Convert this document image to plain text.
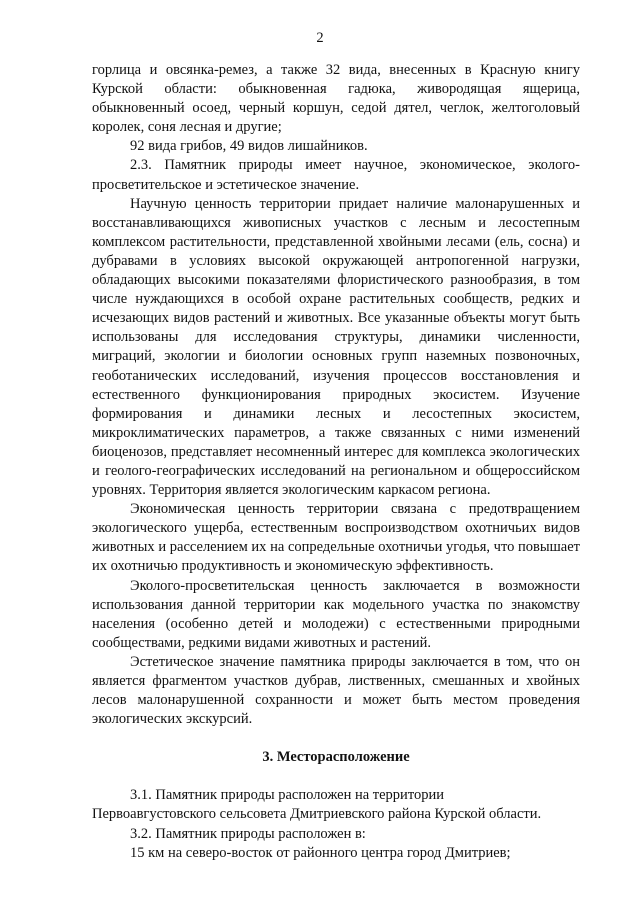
2

горлица и овсянка-ремез, а также 32 вида, внесенных в Красную книгу Курской области: обыкновенная гадюка, живородящая ящерица, обыкновенный осоед, черный коршун, седой дятел, чеглок, желтоголовый королек, соня лесная и другие;

92 вида грибов, 49 видов лишайников.

2.3. Памятник природы имеет научное, экономическое, эколого-просветительское и эстетическое значение.

Научную ценность территории придает наличие малонарушенных и восстанавливающихся живописных участков с лесным и лесостепным комплексом растительности, представленной хвойными лесами (ель, сосна) и дубравами в условиях высокой окружающей антропогенной нагрузки, обладающих высокими показателями флористического разнообразия, в том числе нуждающихся в особой охране растительных сообществ, редких и исчезающих видов растений и животных. Все указанные объекты могут быть использованы для исследования структуры, динамики численности, миграций, экологии и биологии основных групп наземных позвоночных, геоботанических исследований, изучения процессов восстановления и естественного функционирования природных экосистем. Изучение формирования и динамики лесных и лесостепных экосистем, микроклиматических параметров, а также связанных с ними изменений биоценозов, представляет несомненный интерес для комплекса экологических и геолого-географических исследований на региональном и общероссийском уровнях. Территория является экологическим каркасом региона.

Экономическая ценность территории связана с предотвращением экологического ущерба, естественным воспроизводством охотничьих видов животных и расселением их на сопредельные охотничьи угодья, что повышает их охотничью продуктивность и экономическую эффективность.

Эколого-просветительская ценность заключается в возможности использования данной территории как модельного участка по знакомству населения (особенно детей и молодежи) с естественными природными сообществами, редкими видами животных и растений.

Эстетическое значение памятника природы заключается в том, что он является фрагментом участков дубрав, лиственных, смешанных и хвойных лесов малонарушенной сохранности и может быть местом проведения экологических экскурсий.

3. Месторасположение

3.1. Памятник природы расположен на территории

Первоавгустовского сельсовета Дмитриевского района Курской области.

3.2. Памятник природы расположен в:

15 км на северо-восток от районного центра город Дмитриев;
